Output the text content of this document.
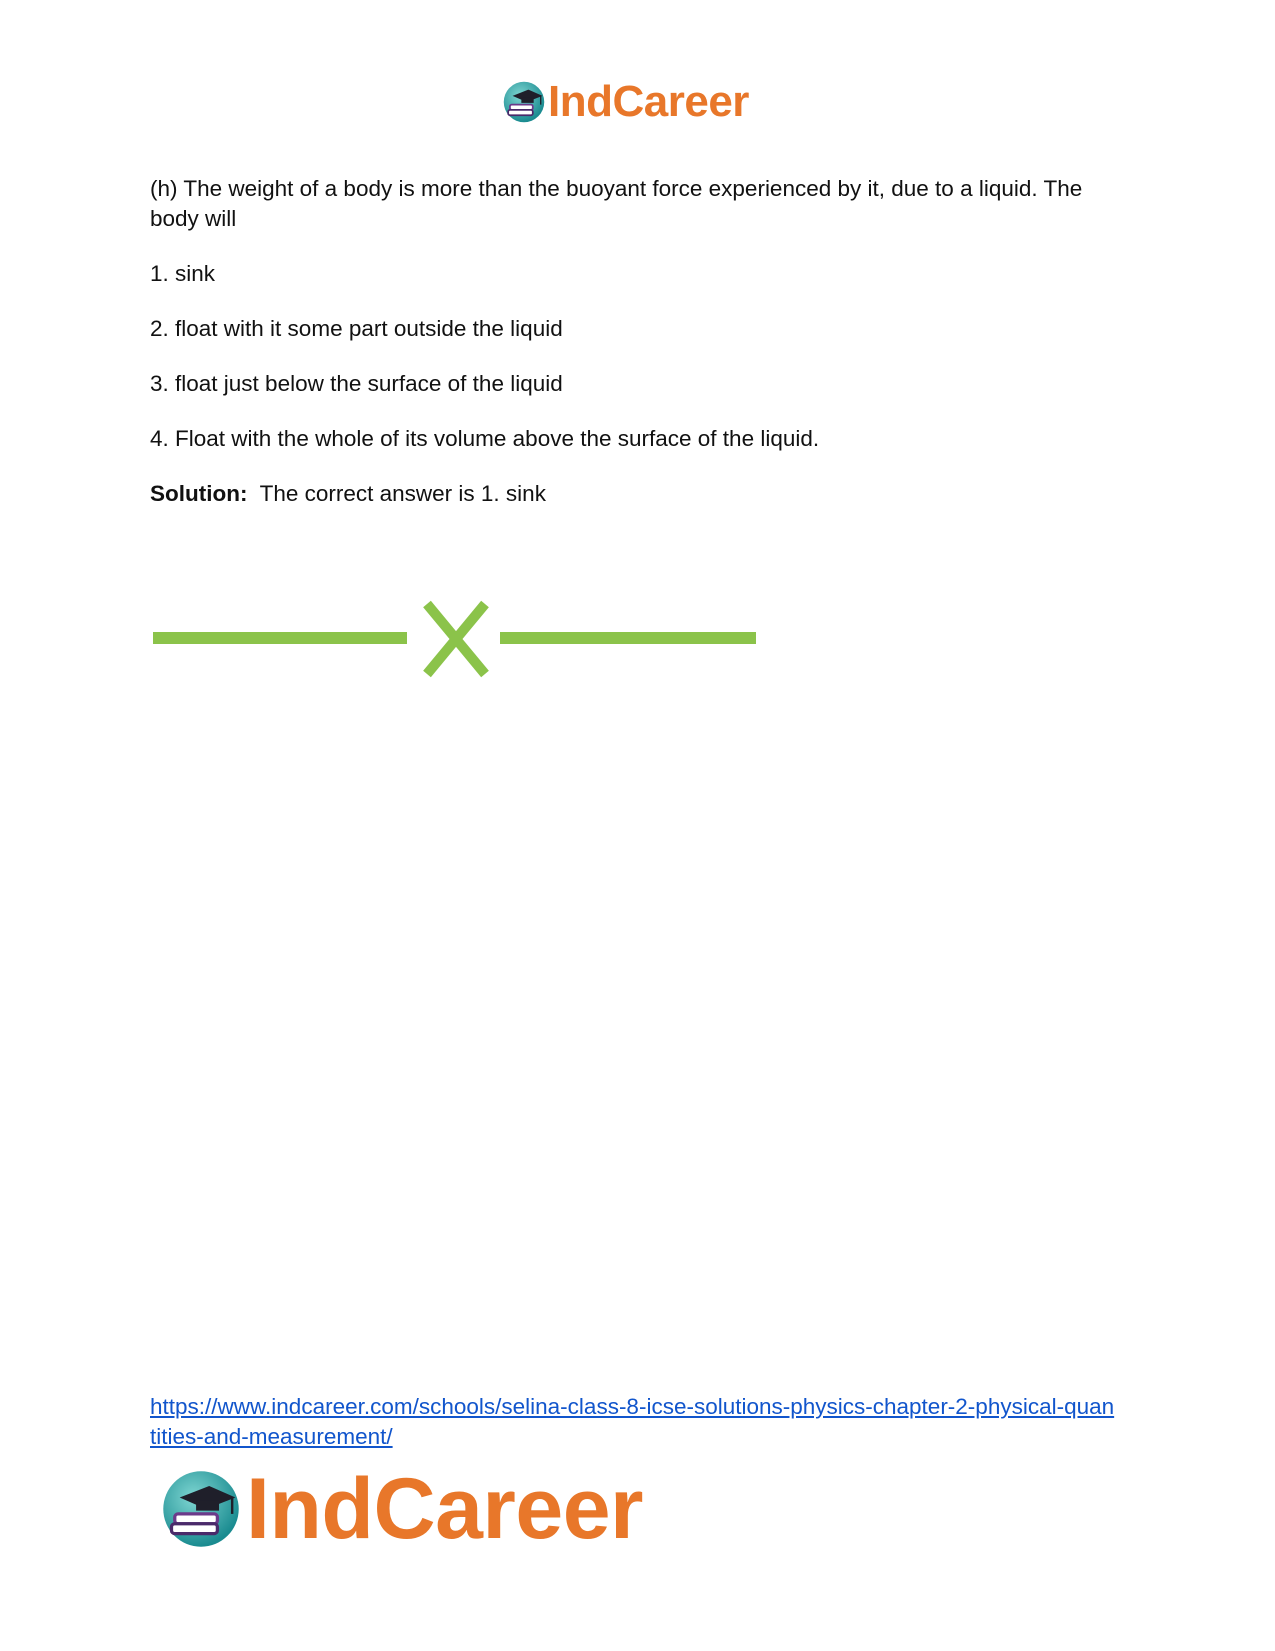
IndCareer

(h) The weight of a body is more than the buoyant force experienced by it, due to a liquid. The body will

1. sink

2. float with it some part outside the liquid

3. float just below the surface of the liquid

4. Float with the whole of its volume above the surface of the liquid.

Solution: The correct answer is 1. sink

https://www.indcareer.com/schools/selina-class-8-icse-solutions-physics-chapter-2-physical-quantities-and-measurement/
IndCareer
